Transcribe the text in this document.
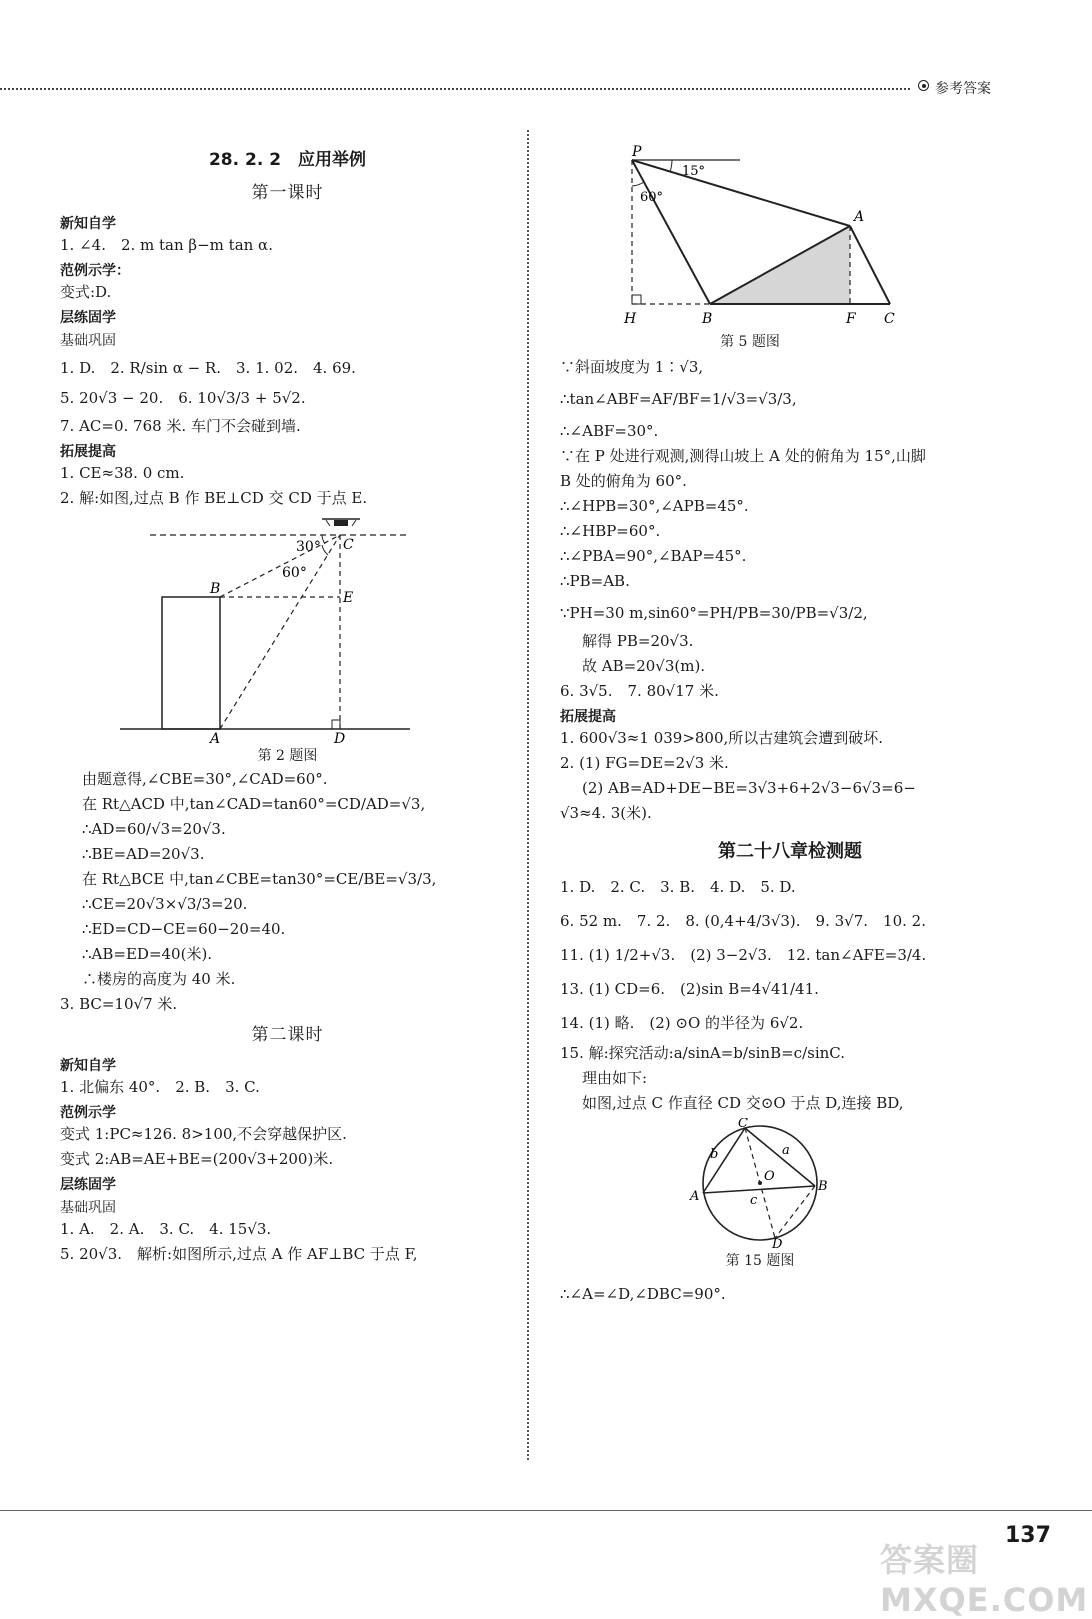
参考答案
28. 2. 2　应用举例
第一课时
新知自学
1. ∠4.　2. m tan β−m tan α.
范例示学：
变式:D.
层练固学
基础巩固
1. D.　2. R/sin α − R.　3. 1. 02.　4. 69.
5. 20√3 − 20.　6. 10√3/3 + 5√2.
7. AC=0. 768 米. 车门不会碰到墙.
拓展提高
1. CE≈38. 0 cm.
2. 解:如图,过点 B 作 BE⊥CD 交 CD 于点 E.
30°
60°
C
B
E
A	D
第 2 题图
由题意得,∠CBE=30°,∠CAD=60°.
在 Rt△ACD 中,tan∠CAD=tan60°=CD/AD=√3,
∴AD=60/√3=20√3.
∴BE=AD=20√3.
在 Rt△BCE 中,tan∠CBE=tan30°=CE/BE=√3/3,
∴CE=20√3×√3/3=20.
∴ED=CD−CE=60−20=40.
∴AB=ED=40(米).
∴楼房的高度为 40 米.
3. BC=10√7 米.
第二课时
新知自学
1. 北偏东 40°.　2. B.　3. C.
范例示学
变式 1:PC≈126. 8>100,不会穿越保护区.
变式 2:AB=AE+BE=(200√3+200)米.
层练固学
基础巩固
1. A.　2. A.　3. C.　4. 15√3.
5. 20√3.　解析:如图所示,过点 A 作 AF⊥BC 于点 F,
P
15°
60°
A
H	B	F C
第 5 题图
∵斜面坡度为 1∶√3,
∴tan∠ABF=AF/BF=1/√3=√3/3,
∴∠ABF=30°.
∵在 P 处进行观测,测得山坡上 A 处的俯角为 15°,山脚
B 处的俯角为 60°.
∴∠HPB=30°,∠APB=45°.
∴∠HBP=60°.
∴∠PBA=90°,∠BAP=45°.
∴PB=AB.
∵PH=30 m,sin60°=PH/PB=30/PB=√3/2,
解得 PB=20√3.
故 AB=20√3(m).
6. 3√5.　7. 80√17 米.
拓展提高
1. 600√3≈1 039>800,所以古建筑会遭到破坏.
2. (1) FG=DE=2√3 米.
(2) AB=AD+DE−BE=3√3+6+2√3−6√3=6−
√3≈4. 3(米).
第二十八章检测题
1. D.　2. C.　3. B.　4. D.　5. D.
6. 52 m.　7. 2.　8. (0,4+4/3√3).　9. 3√7.　10. 2.
11. (1) 1/2+√3.　(2) 3−2√3.　12. tan∠AFE=3/4.
13. (1) CD=6.　(2)sin B=4√41/41.
14. (1) 略.　(2) ⊙O 的半径为 6√2.
15. 解:探究活动:a/sinA=b/sinB=c/sinC.
理由如下:
如图,过点 C 作直径 CD 交⊙O 于点 D,连接 BD,
C
b	a
O
A
B
c
D
第 15 题图
∴∠A=∠D,∠DBC=90°.
答案圈 MXQE.COM
137
